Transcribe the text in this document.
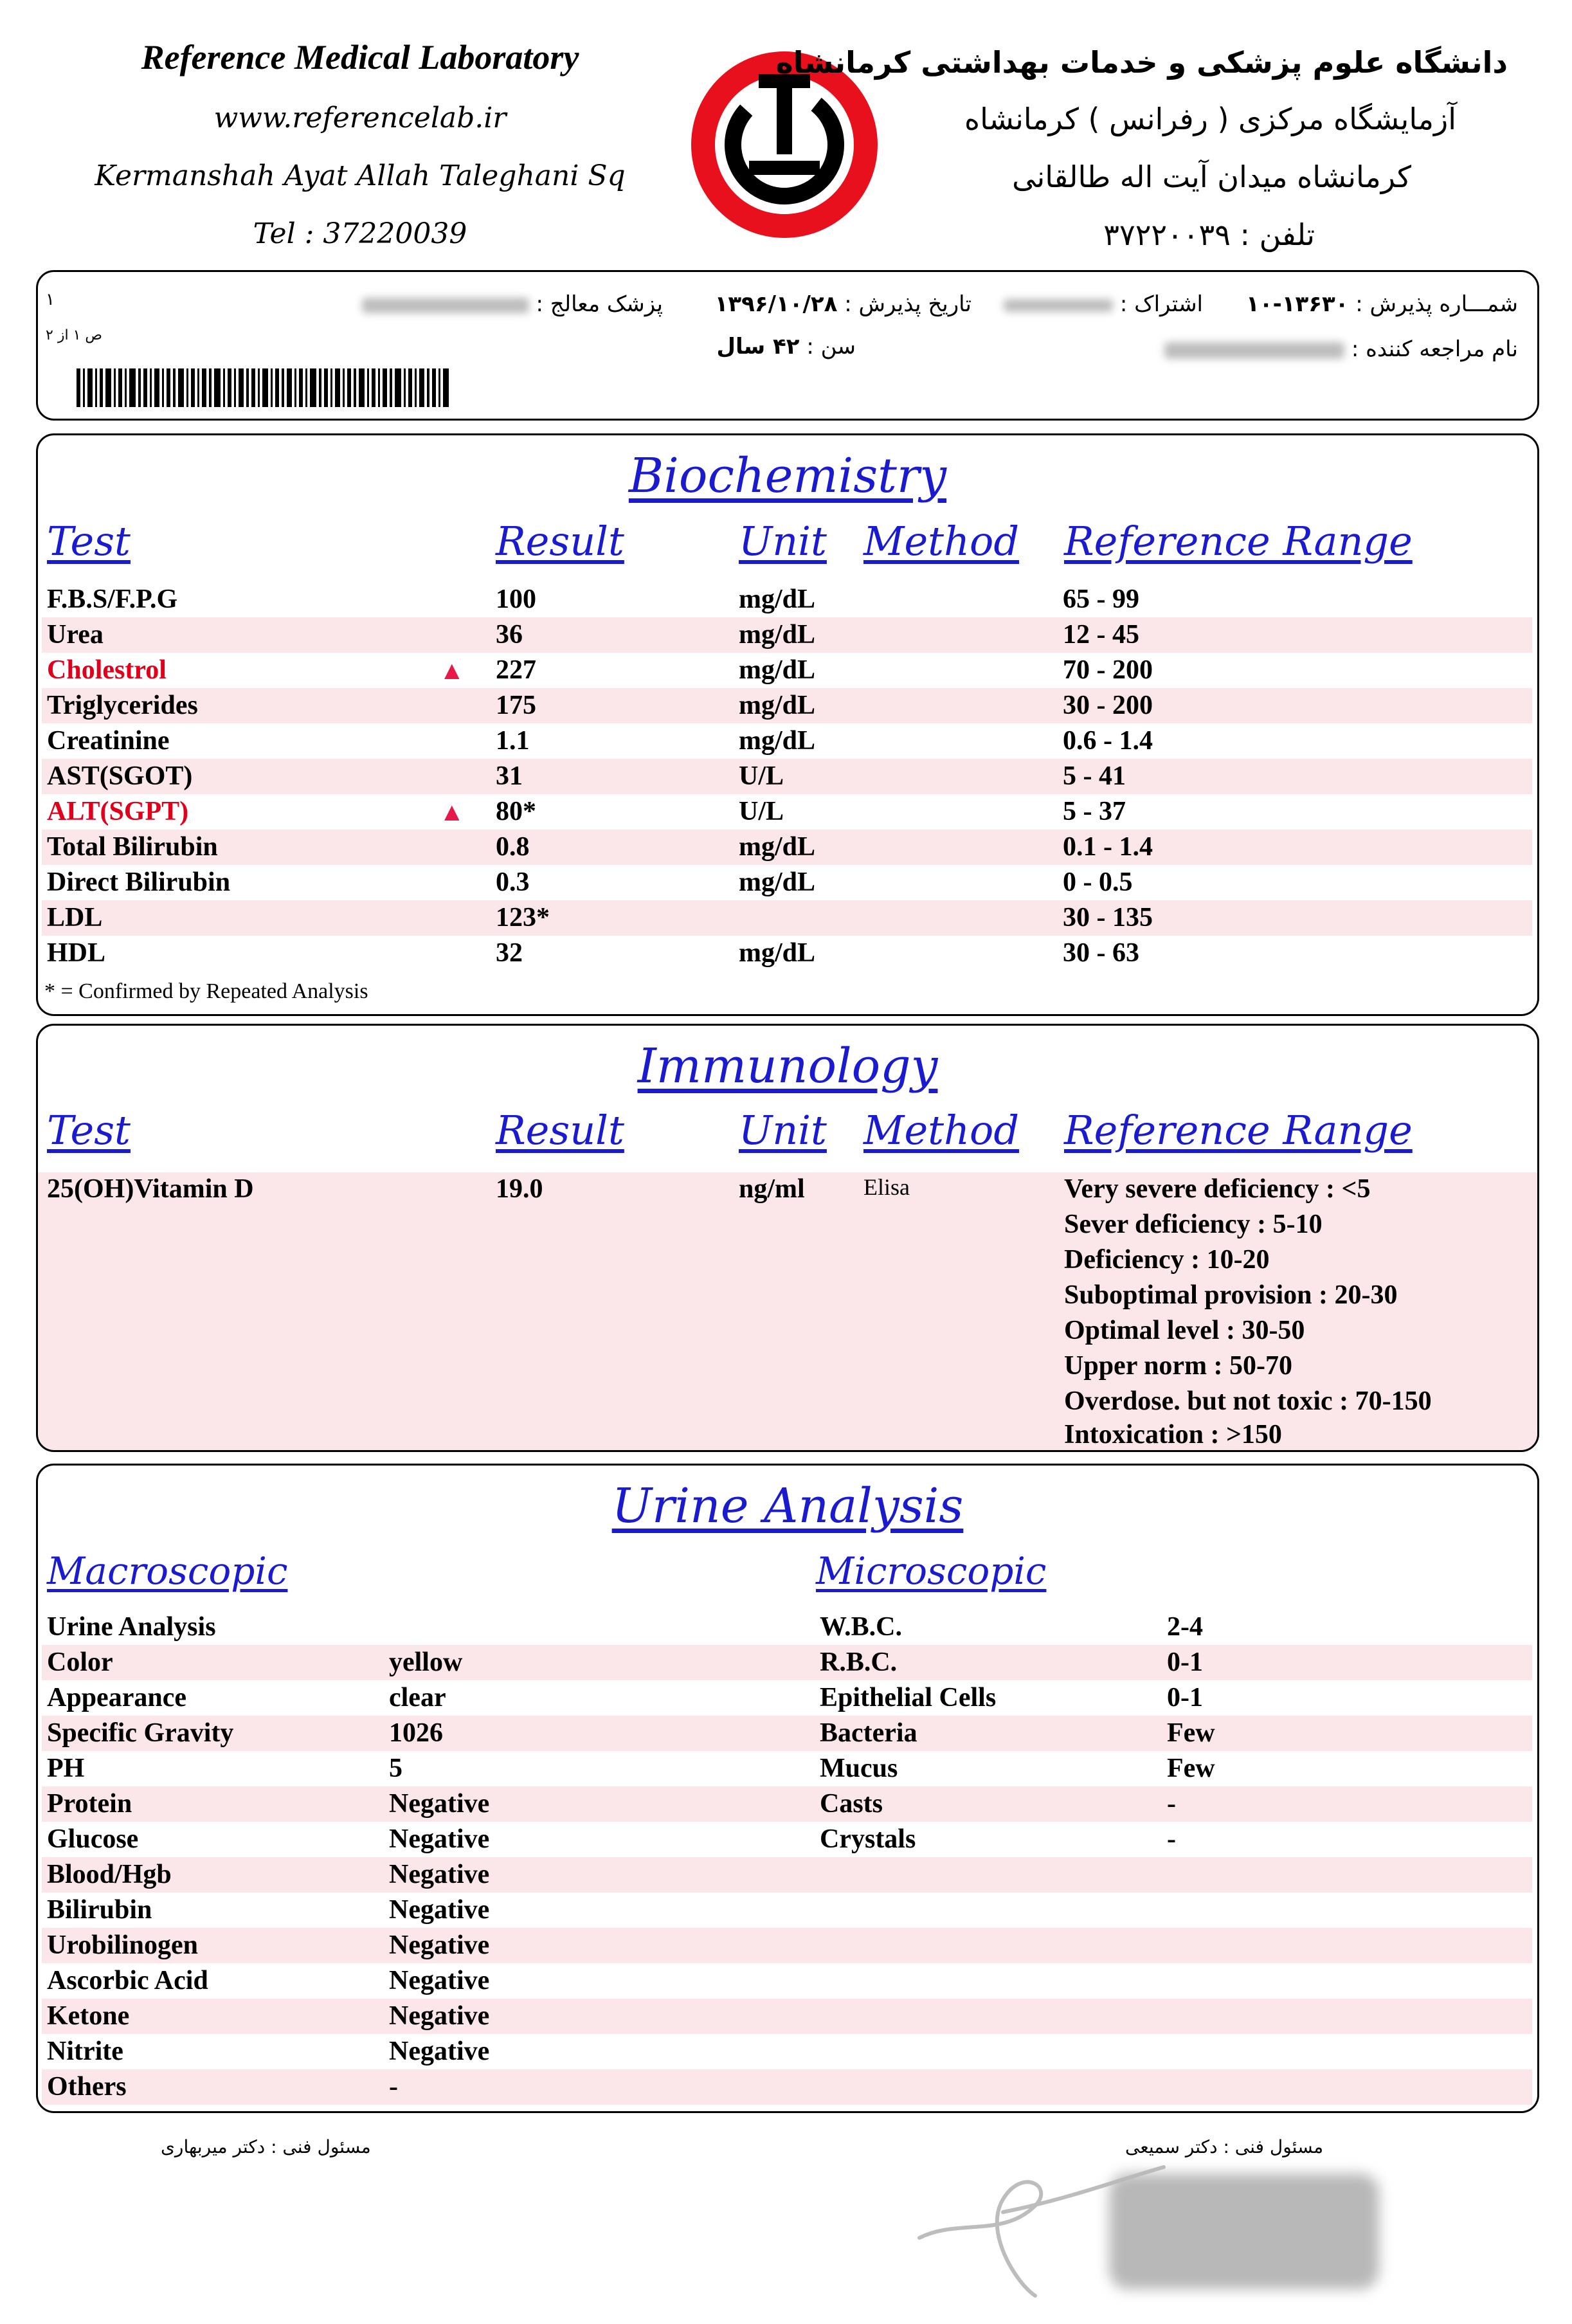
Reference Medical Laboratory
www.referencelab.ir
Kermanshah Ayat Allah Taleghani Sq
Tel : 37220039
Reference Laboratory
دانشگاه علوم پزشکی و خدمات بهداشتی کرمانشاه
آزمایشگاه مرکزی ( رفرانس ) کرمانشاه
کرمانشاه میدان آیت اله طالقانی
تلفن : ۳۷۲۲۰۰۳۹
شمـــاره پذیرش : ۱۳۶۳۰-۱۰
اشتراک :
تاریخ پذیرش : ۱۳۹۶/۱۰/۲۸
پزشک معالج :
نام مراجعه کننده :
سن : ۴۲ سال
۱
ص ۱ از ۲
Biochemistry
Test	Result	Unit Method Reference Range
F.B.S/F.P.G	100	mg/dL	65 - 99
Urea	36	mg/dL	12 - 45
Cholestrol	▲ 227	mg/dL	70 - 200
Triglycerides	175	mg/dL	30 - 200
Creatinine	1.1	mg/dL	0.6 - 1.4
AST(SGOT)	31	U/L	5 - 41
ALT(SGPT)	▲ 80*	U/L	5 - 37
Total Bilirubin	0.8	mg/dL	0.1 - 1.4
Direct Bilirubin	0.3	mg/dL	0 - 0.5
LDL	123*	30 - 135
HDL	32	mg/dL	30 - 63
* = Confirmed by Repeated Analysis
Immunology
Test	Result	Unit Method Reference Range
25(OH)Vitamin D	19.0	ng/ml	Elisa	Very severe deficiency : <5
Sever deficiency : 5-10
Deficiency : 10-20
Suboptimal provision : 20-30
Optimal level : 30-50
Upper norm : 50-70
Overdose. but not toxic : 70-150
Intoxication : >150
Urine Analysis
Macroscopic	Microscopic
Urine Analysis	W.B.C.	2-4
Color	yellow	R.B.C.	0-1
Appearance	clear	Epithelial Cells	0-1
Specific Gravity	1026	Bacteria	Few
PH	5	Mucus	Few
Protein	Negative	Casts	-
Glucose	Negative	Crystals	-
Blood/Hgb	Negative
Bilirubin	Negative
Urobilinogen	Negative
Ascorbic Acid	Negative
Ketone	Negative
Nitrite	Negative
Others	-
مسئول فنی : دکتر میربهاری	مسئول فنی : دکتر سمیعی
